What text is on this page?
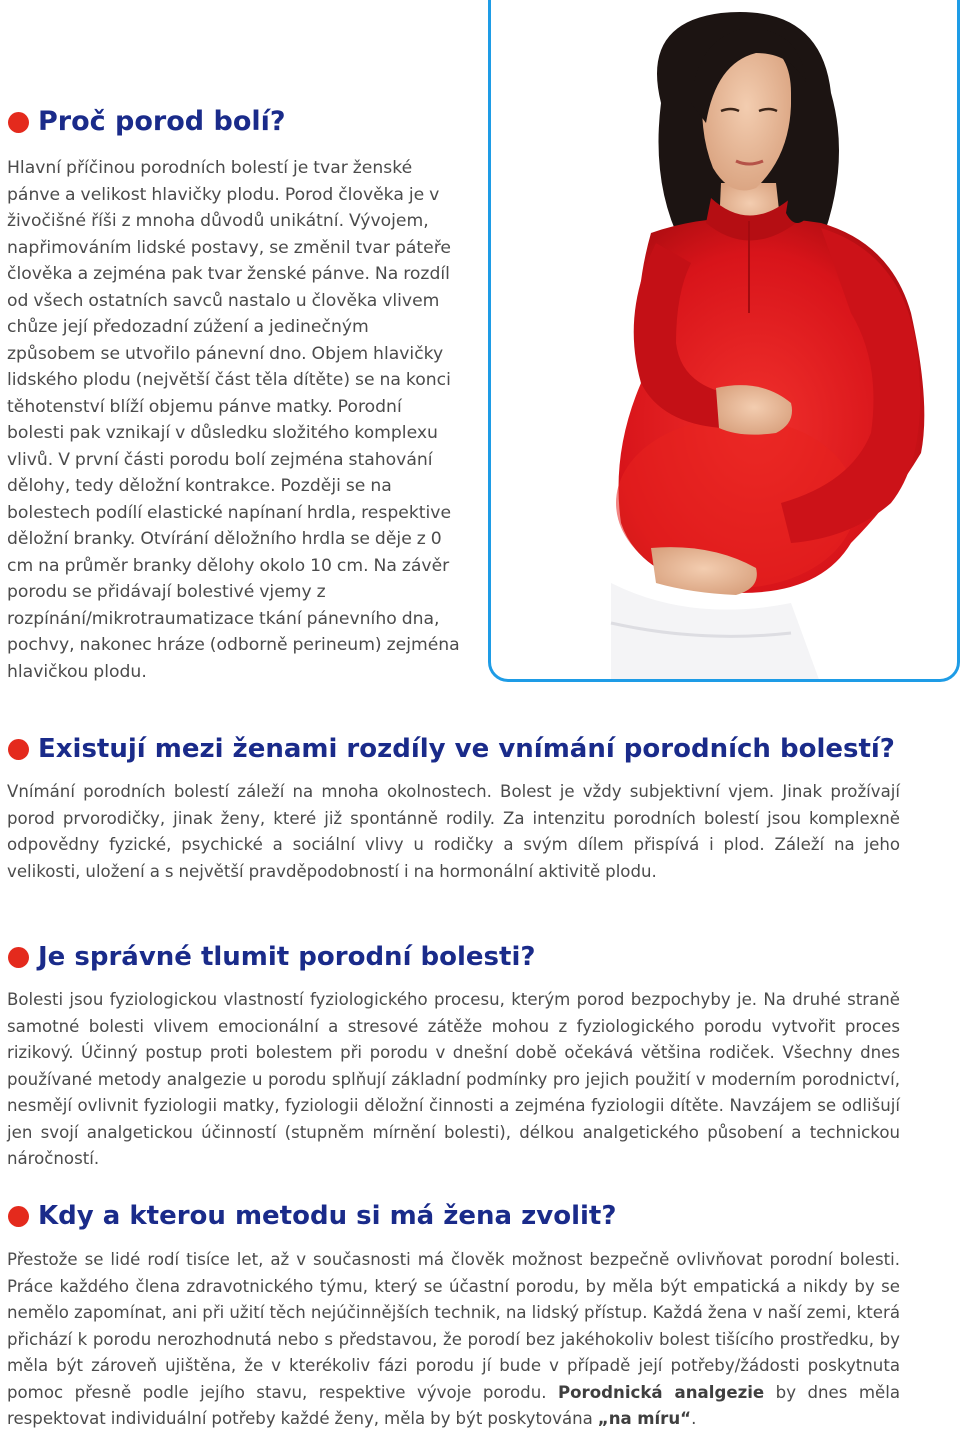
Proč porod bolí?

Hlavní příčinou porodních bolestí je tvar ženské pánve a velikost hlavičky plodu. Porod člověka je v živočišné říši z mnoha důvodů unikátní. Vývojem, napřimováním lidské postavy, se změnil tvar páteře člověka a zejména pak tvar ženské pánve. Na rozdíl od všech ostatních savců nastalo u člověka vlivem chůze její předozadní zúžení a jedinečným způsobem se utvořilo pánevní dno. Objem hlavičky lidského plodu (největší část těla dítěte) se na konci těhotenství blíží objemu pánve matky. Porodní bolesti pak vznikají v důsledku složitého komplexu vlivů. V první části porodu bolí zejména stahování dělohy, tedy děložní kontrakce. Později se na bolestech podílí elastické napínaní hrdla, respektive děložní branky. Otvírání děložního hrdla se děje z 0 cm na průměr branky dělohy okolo 10 cm. Na závěr porodu se přidávají bolestivé vjemy z rozpínání/mikrotraumatizace tkání pánevního dna, pochvy, nakonec hráze (odborně perineum) zejména hlavičkou plodu.

Existují mezi ženami rozdíly ve vnímání porodních bolestí?

Vnímání porodních bolestí záleží na mnoha okolnostech. Bolest je vždy subjektivní vjem. Jinak prožívají porod prvorodičky, jinak ženy, které již spontánně rodily. Za intenzitu porodních bolestí jsou komplexně odpovědny fyzické, psychické a sociální vlivy u rodičky a svým dílem přispívá i plod. Záleží na jeho velikosti, uložení a s největší pravděpodobností i na hormonální aktivitě plodu.

Je správné tlumit porodní bolesti?

Bolesti jsou fyziologickou vlastností fyziologického procesu, kterým porod bezpochyby je. Na druhé straně samotné bolesti vlivem emocionální a stresové zátěže mohou z fyziologického porodu vytvořit proces rizikový. Účinný postup proti bolestem při porodu v dnešní době očekává většina rodiček. Všechny dnes používané metody analgezie u porodu splňují základní podmínky pro jejich použití v moderním porodnictví, nesmějí ovlivnit fyziologii matky, fyziologii děložní činnosti a zejména fyziologii dítěte. Navzájem se odlišují jen svojí analgetickou účinností (stupněm mírnění bolesti), délkou analgetického působení a technickou náročností.

Kdy a kterou metodu si má žena zvolit?

Přestože se lidé rodí tisíce let, až v současnosti má člověk možnost bezpečně ovlivňovat porodní bolesti. Práce každého člena zdravotnického týmu, který se účastní porodu, by měla být empatická a nikdy by se nemělo zapomínat, ani při užití těch nejúčinnějších technik, na lidský přístup. Každá žena v naší zemi, která přichází k porodu nerozhodnutá nebo s představou, že porodí bez jakéhokoliv bolest tišícího prostředku, by měla být zároveň ujištěna, že v kterékoliv fázi porodu jí bude v případě její potřeby/žádosti poskytnuta pomoc přesně podle jejího stavu, respektive vývoje porodu. Porodnická analgezie by dnes měla respektovat individuální potřeby každé ženy, měla by být poskytována „na míru“.
